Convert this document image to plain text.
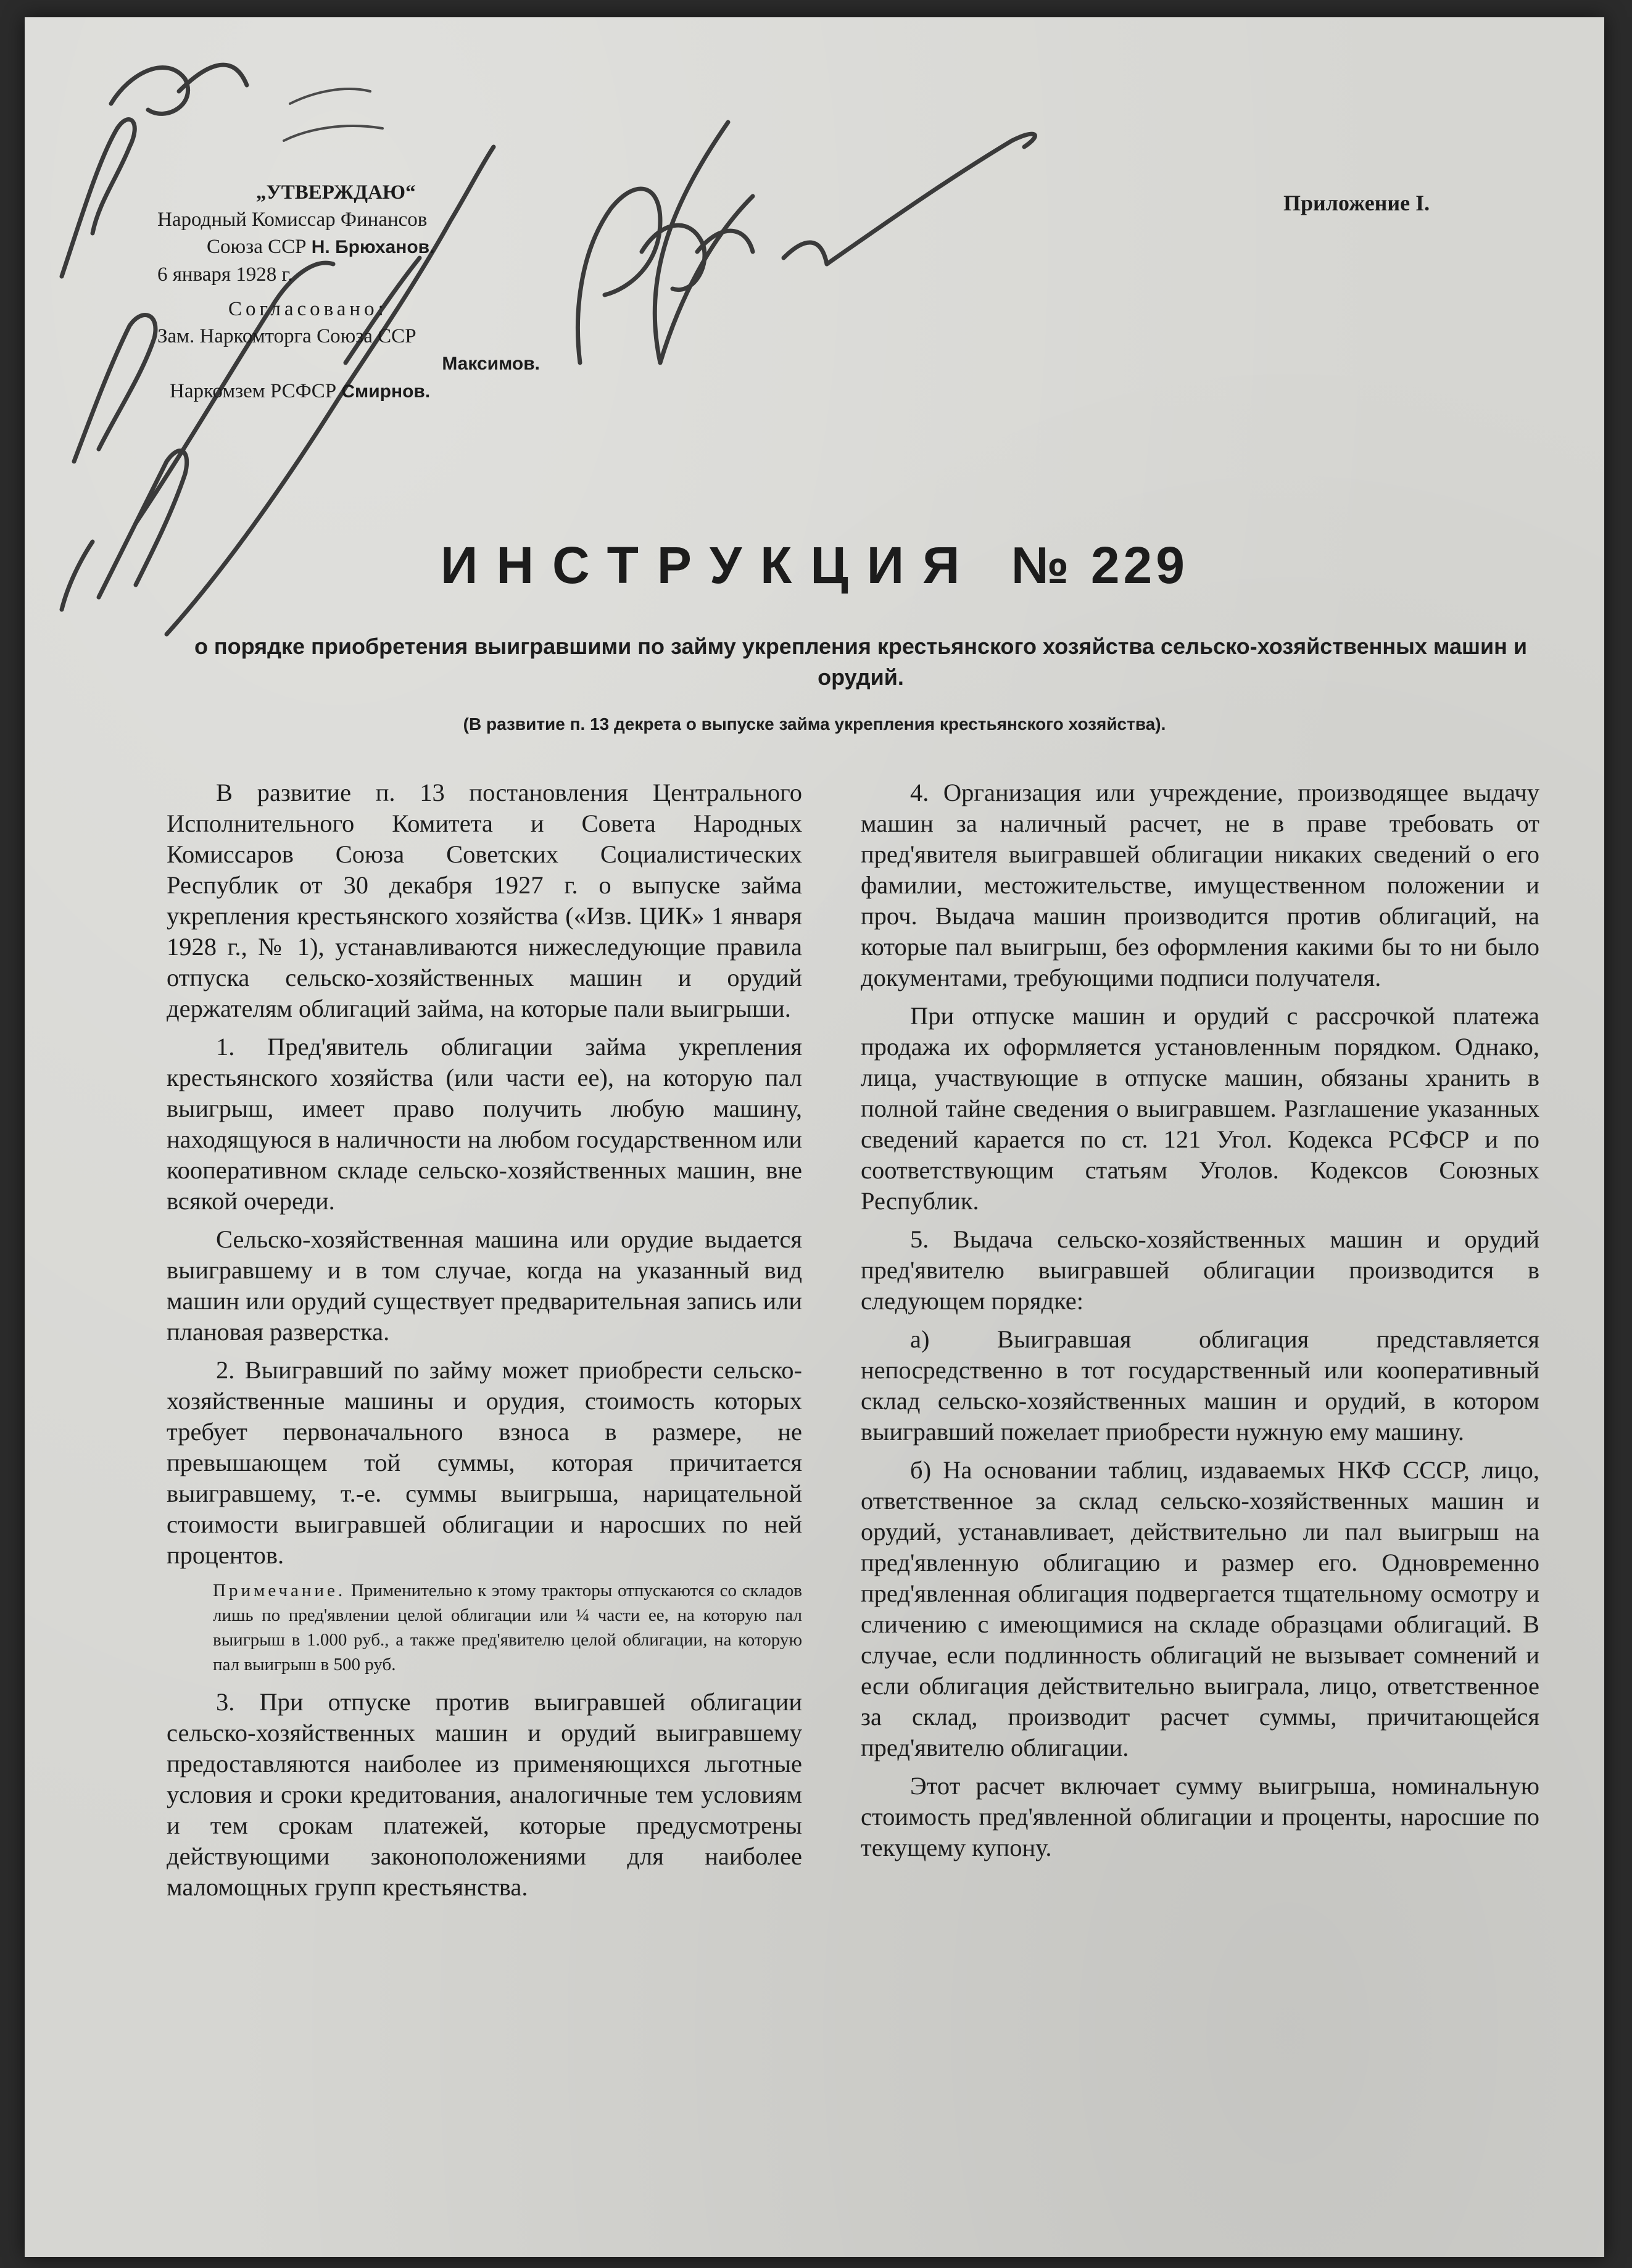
„УТВЕРЖДАЮ“
Народный Комиссар Финансов
Союза ССР Н. Брюханов.
6 января 1928 г.
Согласовано:
Зам. Наркомторга Союза ССР
Максимов.
Наркомзем РСФСР Смирнов.
Приложение I.
ИНСТРУКЦИЯ № 229
о порядке приобретения выигравшими по займу укрепления крестьянского хозяйства сельско-хозяйственных машин и орудий.
(В развитие п. 13 декрета о выпуске займа укрепления крестьянского хозяйства).

В развитие п. 13 постановления Центрального Исполнительного Комитета и Совета Народных Комиссаров Союза Советских Социалистических Республик от 30 декабря 1927 г. о выпуске займа укрепления крестьянского хозяйства («Изв. ЦИК» 1 января 1928 г., № 1), устанавливаются нижеследующие правила отпуска сельско-хозяйственных машин и орудий держателям облигаций займа, на которые пали выигрыши.

1. Пред'явитель облигации займа укрепления крестьянского хозяйства (или части ее), на которую пал выигрыш, имеет право получить любую машину, находящуюся в наличности на любом государственном или кооперативном складе сельско-хозяйственных машин, вне всякой очереди.

Сельско-хозяйственная машина или орудие выдается выигравшему и в том случае, когда на указанный вид машин или орудий существует предварительная запись или плановая разверстка.

2. Выигравший по займу может приобрести сельско-хозяйственные машины и орудия, стоимость которых требует первоначального взноса в размере, не превышающем той суммы, которая причитается выигравшему, т.-е. суммы выигрыша, нарицательной стоимости выигравшей облигации и наросших по ней процентов.

Примечание. Применительно к этому тракторы отпускаются со складов лишь по пред'явлении целой облигации или ¼ части ее, на которую пал выигрыш в 1.000 руб., а также пред'явителю целой облигации, на которую пал выигрыш в 500 руб.

3. При отпуске против выигравшей облигации сельско-хозяйственных машин и орудий выигравшему предоставляются наиболее из применяющихся льготные условия и сроки кредитования, аналогичные тем условиям и тем срокам платежей, которые предусмотрены действующими законоположениями для наиболее маломощных групп крестьянства.

4. Организация или учреждение, производящее выдачу машин за наличный расчет, не в праве требовать от пред'явителя выигравшей облигации никаких сведений о его фамилии, местожительстве, имущественном положении и проч. Выдача машин производится против облигаций, на которые пал выигрыш, без оформления какими бы то ни было документами, требующими подписи получателя.

При отпуске машин и орудий с рассрочкой платежа продажа их оформляется установленным порядком. Однако, лица, участвующие в отпуске машин, обязаны хранить в полной тайне сведения о выигравшем. Разглашение указанных сведений карается по ст. 121 Угол. Кодекса РСФСР и по соответствующим статьям Уголов. Кодексов Союзных Республик.

5. Выдача сельско-хозяйственных машин и орудий пред'явителю выигравшей облигации производится в следующем порядке:

а) Выигравшая облигация представляется непосредственно в тот государственный или кооперативный склад сельско-хозяйственных машин и орудий, в котором выигравший пожелает приобрести нужную ему машину.

б) На основании таблиц, издаваемых НКФ СССР, лицо, ответственное за склад сельско-хозяйственных машин и орудий, устанавливает, действительно ли пал выигрыш на пред'явленную облигацию и размер его. Одновременно пред'явленная облигация подвергается тщательному осмотру и сличению с имеющимися на складе образцами облигаций. В случае, если подлинность облигаций не вызывает сомнений и если облигация действительно выиграла, лицо, ответственное за склад, производит расчет суммы, причитающейся пред'явителю облигации.

Этот расчет включает сумму выигрыша, номинальную стоимость пред'явленной облигации и проценты, наросшие по текущему купону.
